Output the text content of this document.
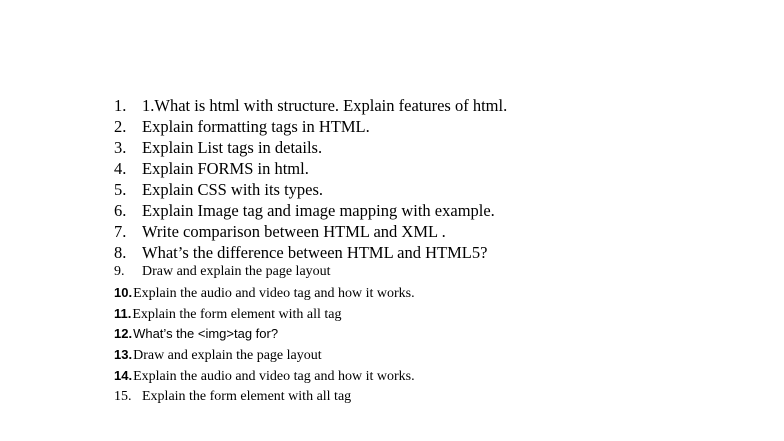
1. 1.What is html with structure. Explain features of html.
2. Explain formatting tags in HTML.
3. Explain List tags in details.
4. Explain FORMS in html.
5. Explain CSS with its types.
6. Explain Image tag and image mapping with example.
7. Write comparison between HTML and XML .
8. What’s the difference between HTML and HTML5?
9.	Draw and explain the page layout
10. Explain the audio and video tag and how it works.
11. Explain the form element with all tag
12. What’s the <img>tag for?
13. Draw and explain the page layout
14. Explain the audio and video tag and how it works.
15. Explain the form element with all tag
